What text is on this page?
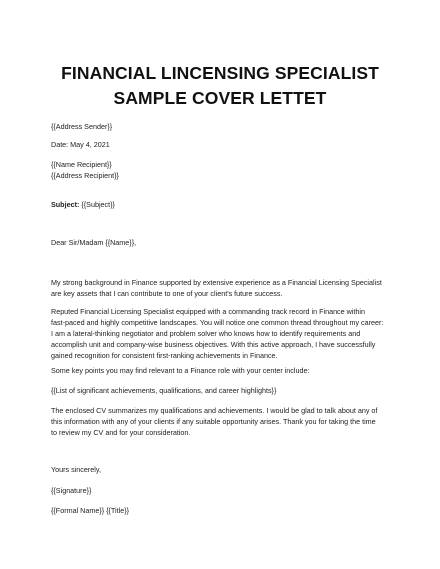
FINANCIAL LINCENSING SPECIALIST
SAMPLE COVER LETTET
{{Address Sender}}
Date: May 4, 2021
{{Name Recipient}}
{{Address Recipient}}
Subject: {{Subject}}
Dear Sir/Madam {{Name}},
My strong background in Finance supported by extensive experience as a Financial Licensing Specialist
are key assets that I can contribute to one of your client's future success.
Reputed Financial Licensing Specialist equipped with a commanding track record in Finance within
fast-paced and highly competitive landscapes. You will notice one common thread throughout my career:
I am a lateral-thinking negotiator and problem solver who knows how to identify requirements and
accomplish unit and company-wise business objectives. With this active approach, I have successfully
gained recognition for consistent first-ranking achievements in Finance.
Some key points you may find relevant to a Finance role with your center include:
{{List of significant achievements, qualifications, and career highlights}}
The enclosed CV summarizes my qualifications and achievements. I would be glad to talk about any of
this information with any of your clients if any suitable opportunity arises. Thank you for taking the time
to review my CV and for your consideration.
Yours sincerely,
{{Signature}}
{{Formal Name}} {{Title}}
